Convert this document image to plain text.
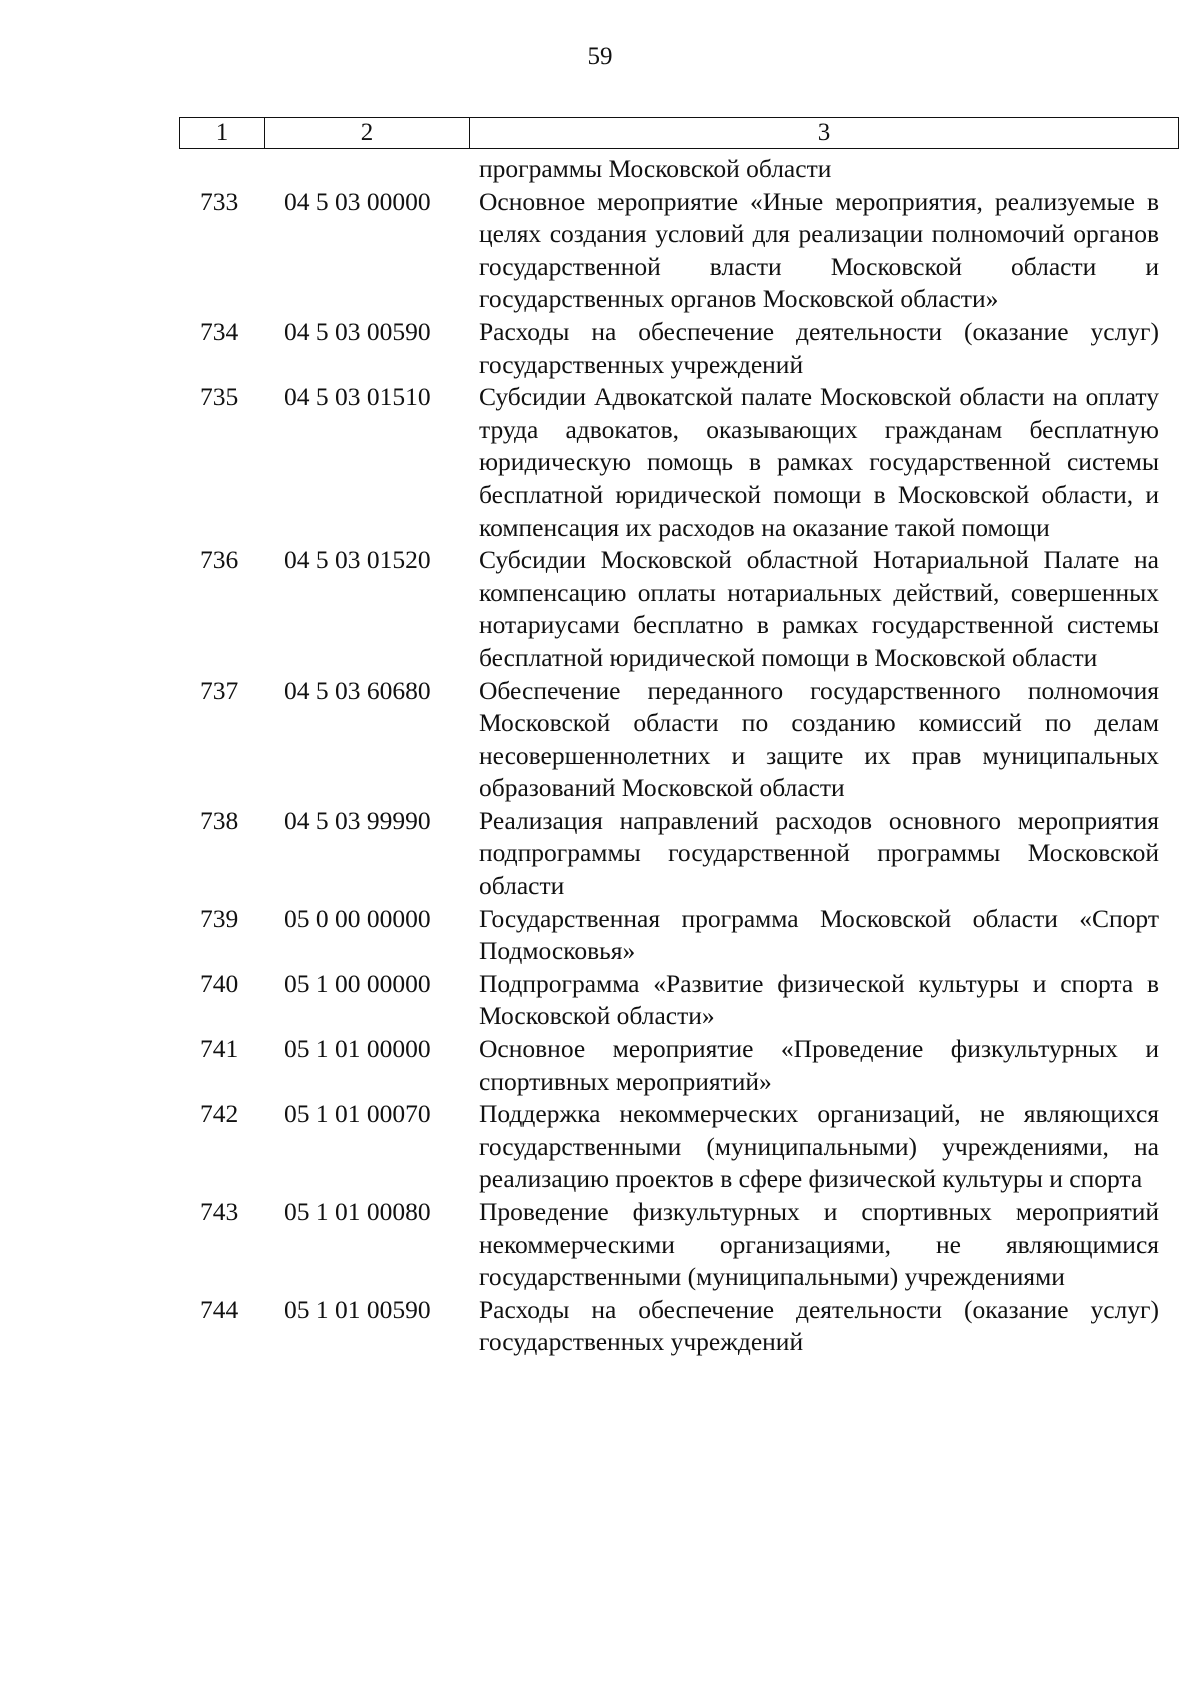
59
1	2	3
программы Московской области
733	04 5 03 00000	Основное мероприятие «Иные мероприятия, реализуемые в целях создания условий для реализации полномочий органов государственной власти Московской области и государственных органов Московской области»
734	04 5 03 00590	Расходы на обеспечение деятельности (оказание услуг) государственных учреждений
735	04 5 03 01510	Субсидии Адвокатской палате Московской области на оплату труда адвокатов, оказывающих гражданам бесплатную юридическую помощь в рамках государственной системы бесплатной юридической помощи в Московской области, и компенсация их расходов на оказание такой помощи
736	04 5 03 01520	Субсидии Московской областной Нотариальной Палате на компенсацию оплаты нотариальных действий, совершенных нотариусами бесплатно в рамках государственной системы бесплатной юридической помощи в Московской области
737	04 5 03 60680	Обеспечение переданного государственного полномочия Московской области по созданию комиссий по делам несовершеннолетних и защите их прав муниципальных образований Московской области
738	04 5 03 99990	Реализация направлений расходов основного мероприятия подпрограммы государственной программы Московской области
739	05 0 00 00000	Государственная программа Московской области «Спорт Подмосковья»
740	05 1 00 00000	Подпрограмма «Развитие физической культуры и спорта в Московской области»
741	05 1 01 00000	Основное мероприятие «Проведение физкультурных и спортивных мероприятий»
742	05 1 01 00070	Поддержка некоммерческих организаций, не являющихся государственными (муниципальными) учреждениями, на реализацию проектов в сфере физической культуры и спорта
743	05 1 01 00080	Проведение физкультурных и спортивных мероприятий некоммерческими организациями, не являющимися государственными (муниципальными) учреждениями
744	05 1 01 00590	Расходы на обеспечение деятельности (оказание услуг) государственных учреждений
